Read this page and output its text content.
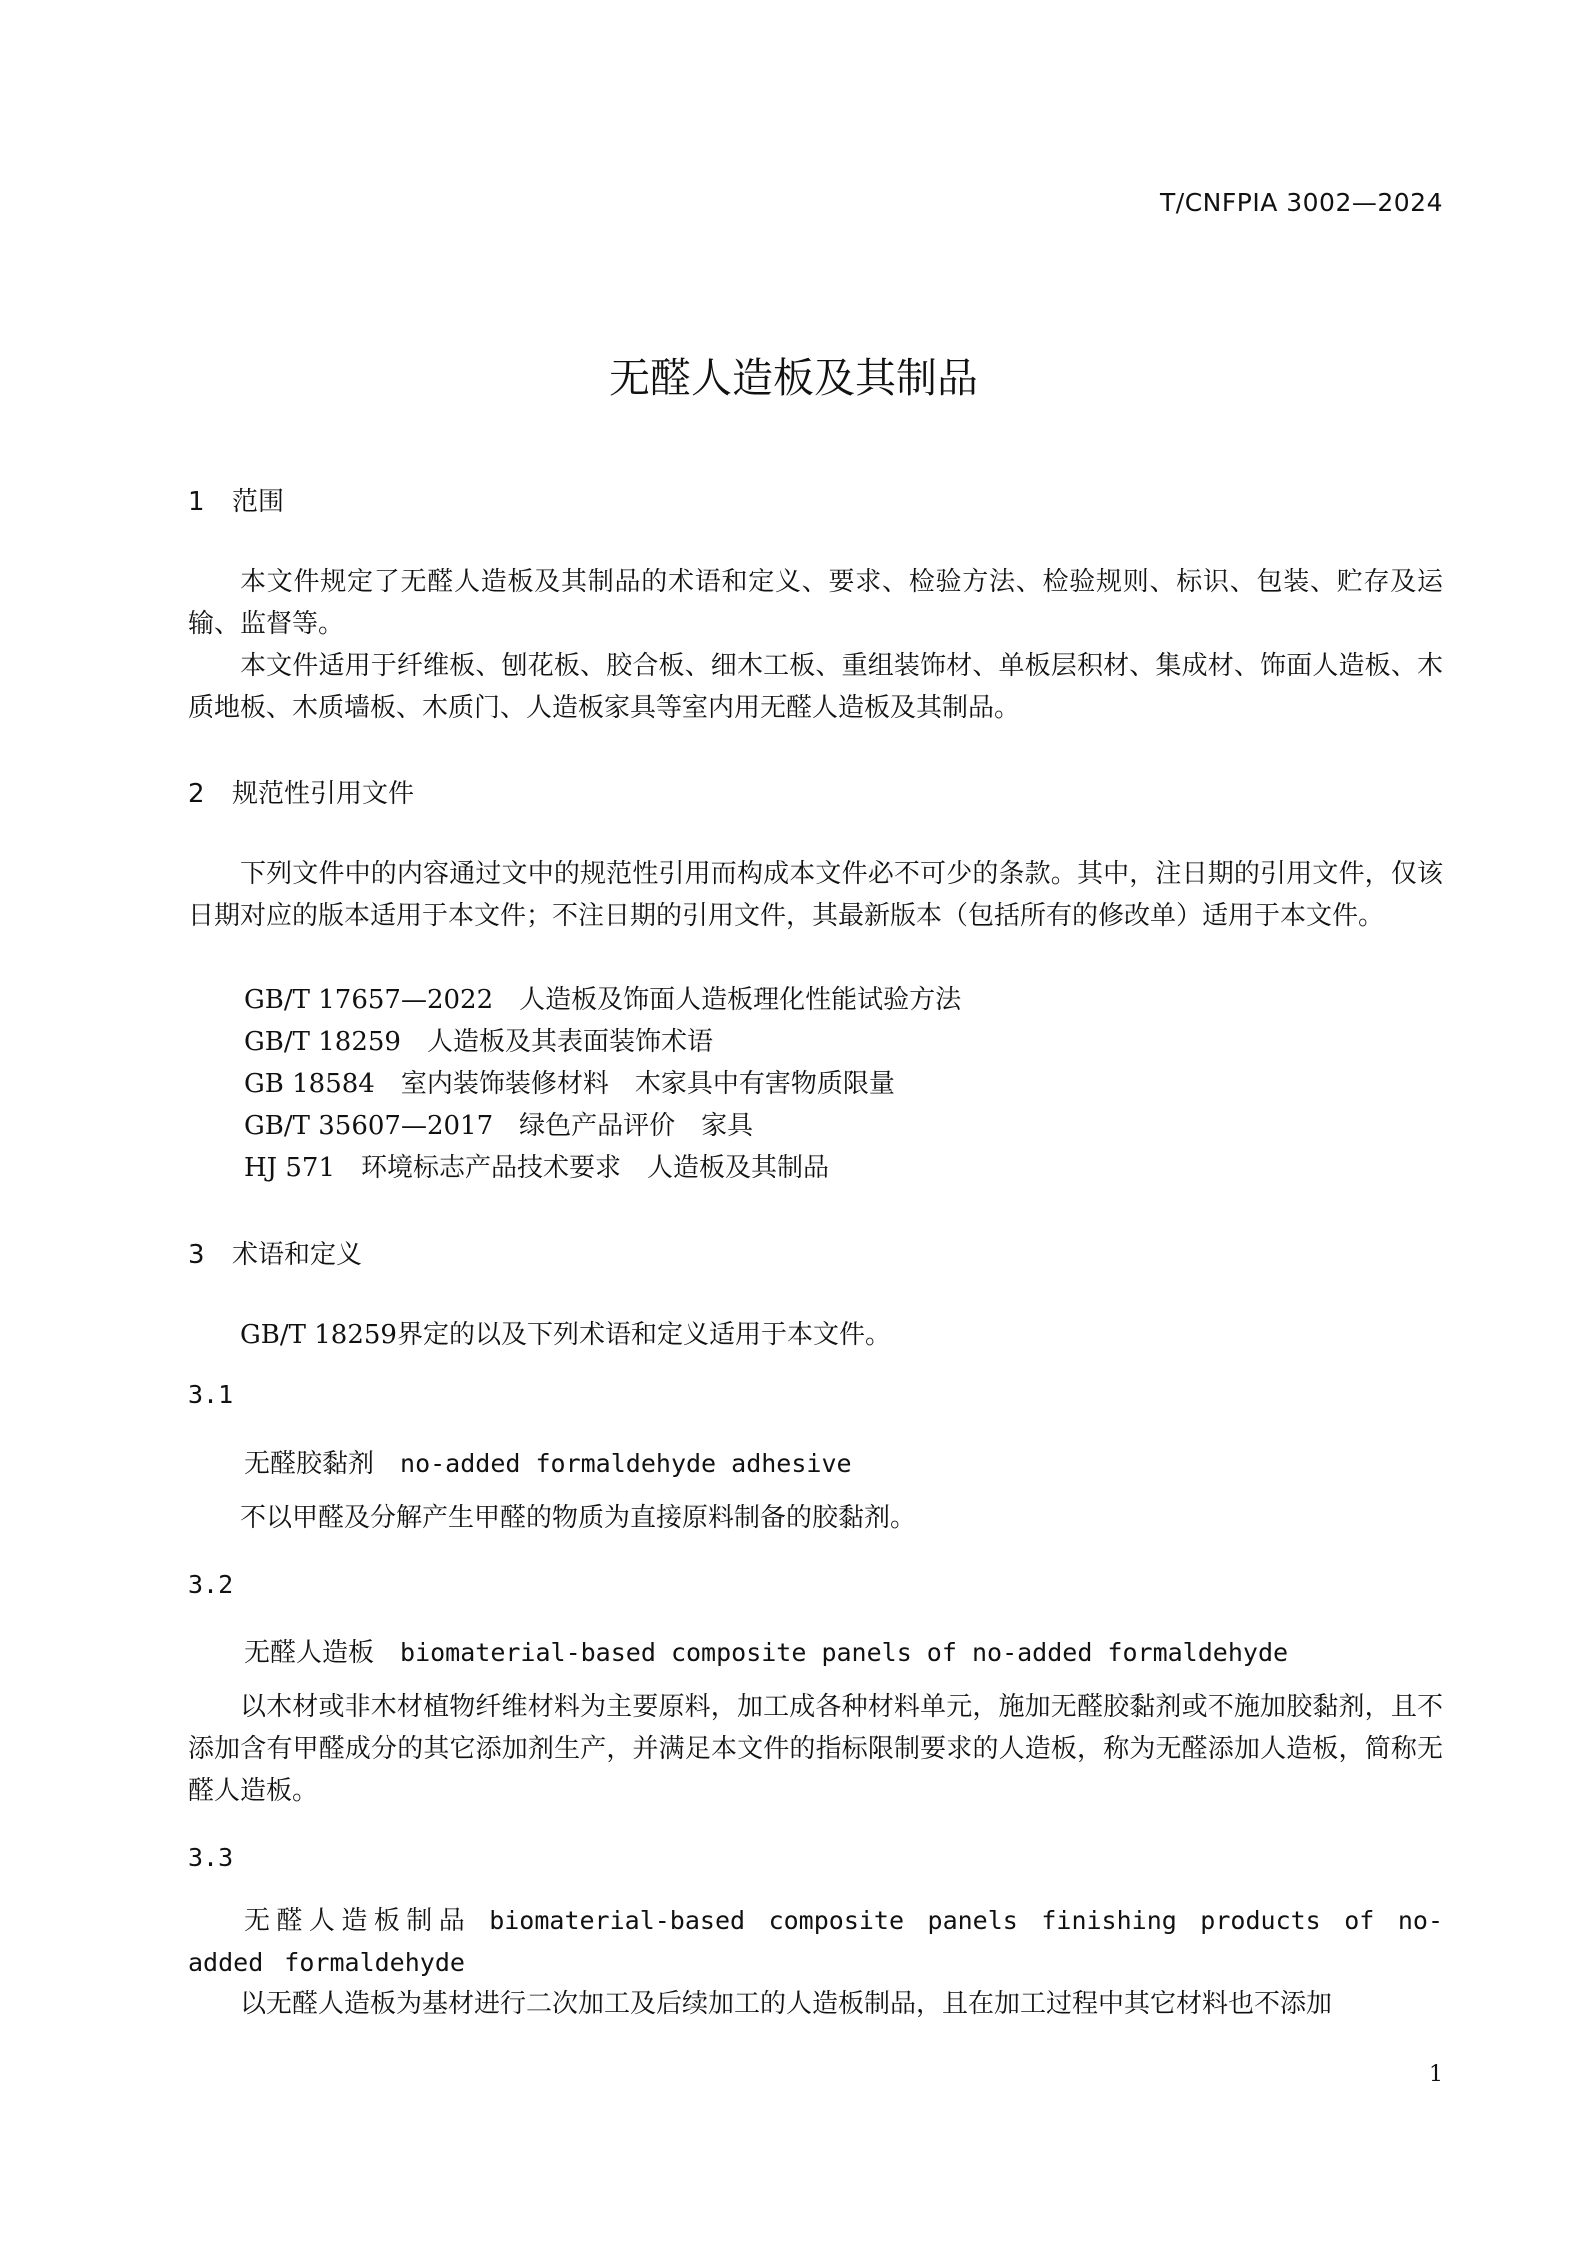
T/CNFPIA 3002—2024
无醛人造板及其制品
1 范围

本文件规定了无醛人造板及其制品的术语和定义、要求、检验方法、检验规则、标识、包装、贮存及运输、监督等。

本文件适用于纤维板、刨花板、胶合板、细木工板、重组装饰材、单板层积材、集成材、饰面人造板、木质地板、木质墙板、木质门、人造板家具等室内用无醛人造板及其制品。

2 规范性引用文件

下列文件中的内容通过文中的规范性引用而构成本文件必不可少的条款。其中，注日期的引用文件，仅该日期对应的版本适用于本文件；不注日期的引用文件，其最新版本（包括所有的修改单）适用于本文件。

GB/T 17657—2022 人造板及饰面人造板理化性能试验方法
GB/T 18259 人造板及其表面装饰术语
GB 18584 室内装饰装修材料　木家具中有害物质限量
GB/T 35607—2017 绿色产品评价　家具
HJ 571 环境标志产品技术要求　人造板及其制品
3 术语和定义

GB/T 18259界定的以及下列术语和定义适用于本文件。

3.1
无醛胶黏剂 no-added formaldehyde adhesive

不以甲醛及分解产生甲醛的物质为直接原料制备的胶黏剂。

3.2
无醛人造板 biomaterial-based composite panels of no-added formaldehyde

以木材或非木材植物纤维材料为主要原料，加工成各种材料单元，施加无醛胶黏剂或不施加胶黏剂，且不添加含有甲醛成分的其它添加剂生产，并满足本文件的指标限制要求的人造板，称为无醛添加人造板，简称无醛人造板。

3.3

无醛人造板制品 biomaterial-based composite panels finishing products of no-added formaldehyde

以无醛人造板为基材进行二次加工及后续加工的人造板制品，且在加工过程中其它材料也不添加

1
